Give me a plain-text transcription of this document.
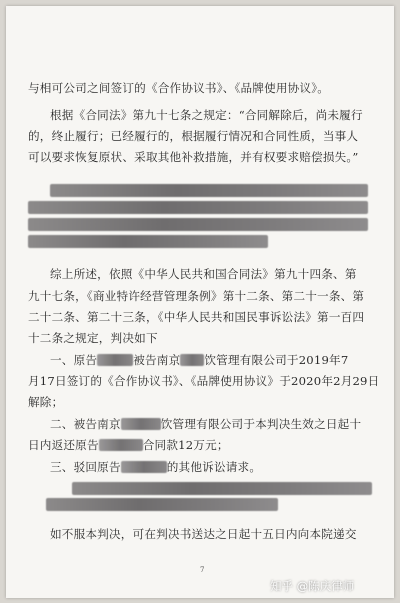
与相可公司之间签订的《合作协议书》、《品牌使用协议》。
根据《合同法》第九十七条之规定：“合同解除后，尚未履行
的，终止履行；已经履行的，根据履行情况和合同性质，当事人
可以要求恢复原状、采取其他补救措施，并有权要求赔偿损失。”
综上所述，依照《中华人民共和国合同法》第九十四条、第
九十七条，《商业特许经营管理条例》第十二条、第二十一条、第
二十二条、第二十三条，《中华人民共和国民事诉讼法》第一百四
十二条之规定，判决如下
一、原告	被告南京 饮管理有限公司于2019年7
月17日签订的《合作协议书》、《品牌使用协议》于2020年2月29日
解除；
二、被告南京	饮管理有限公司于本判决生效之日起十
日内返还原告	合同款12万元；
三、驳回原告	的其他诉讼请求。
如不服本判决，可在判决书送达之日起十五日内向本院递交
7
知乎 @陈庆律师
